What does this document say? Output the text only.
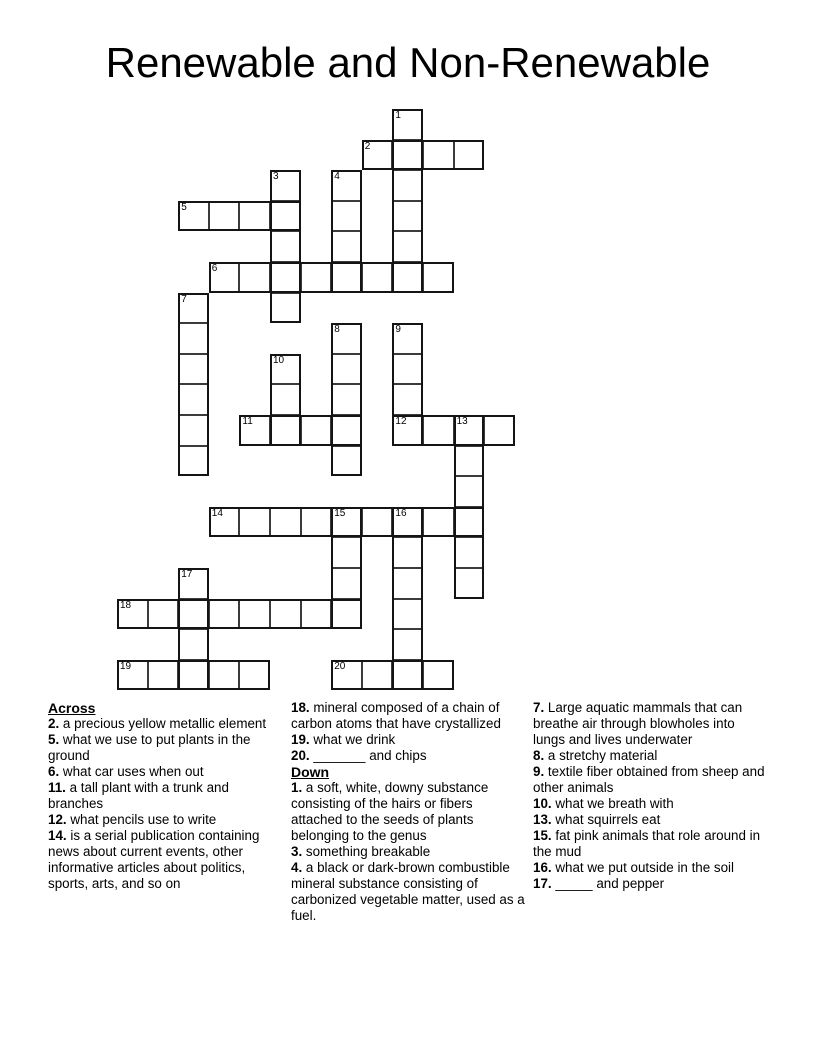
Renewable and Non-Renewable
1
2
3	4
5
6
7
8	9
12
10
11	13
14	15	16
17
18
19	20
Across
2. a precious yellow metallic element
5. what we use to put plants in the ground
6. what car uses when out
11. a tall plant with a trunk and branches
12. what pencils use to write
14. is a serial publication containing news about current events, other informative articles about politics, sports, arts, and so on
18. mineral composed of a chain of carbon atoms that have crystallized
19. what we drink
20. _______ and chips
Down
1. a soft, white, downy substance consisting of the hairs or fibers attached to the seeds of plants belonging to the genus
3. something breakable
4. a black or dark-brown combustible mineral substance consisting of carbonized vegetable matter, used as a fuel.
7. Large aquatic mammals that can breathe air through blowholes into lungs and lives underwater
8. a stretchy material
9. textile fiber obtained from sheep and other animals
10. what we breath with
13. what squirrels eat
15. fat pink animals that role around in the mud
16. what we put outside in the soil
17. _____ and pepper
